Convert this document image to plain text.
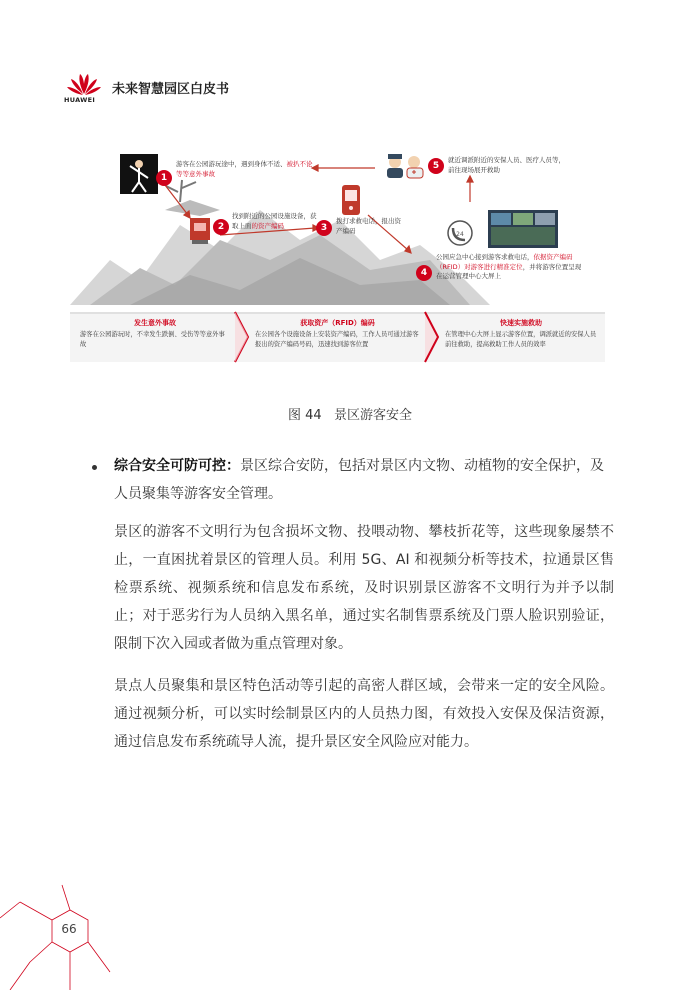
HUAWEI
未来智慧园区白皮书
24
1
游客在公园游玩途中，遇到身体不适、被扒不论等等意外事故
2
找到附近的公园设施设备，获取上面的资产编码	3
拨打求救电话，报出资产编码
4
公园应急中心接到游客求救电话，依据资产编码（RFID）对游客进行精准定位，并将游客位置呈现在运营管理中心大屏上
5
就近调派附近的安保人员、医疗人员等，前往现场展开救助
发生意外事故
游客在公园游玩时，不幸发生跌倒、受伤等等意外事故
获取资产（RFID）编码
在公园各个设施设备上安装资产编码，工作人员可通过游客报出的资产编码号码，迅速找到游客位置
快速实施救助
在管理中心大屏上显示游客位置，调派就近的安保人员前往救助，提高救助工作人员的效率
图 44 景区游客安全
综合安全可防可控：景区综合安防，包括对景区内文物、动植物的安全保护，及人员聚集等游客安全管理。
景区的游客不文明行为包含损坏文物、投喂动物、攀枝折花等，这些现象屡禁不止，一直困扰着景区的管理人员。利用 5G、AI 和视频分析等技术，拉通景区售检票系统、视频系统和信息发布系统，及时识别景区游客不文明行为并予以制止；对于恶劣行为人员纳入黑名单，通过实名制售票系统及门票人脸识别验证，限制下次入园或者做为重点管理对象。
景点人员聚集和景区特色活动等引起的高密人群区域，会带来一定的安全风险。通过视频分析，可以实时绘制景区内的人员热力图，有效投入安保及保洁资源，通过信息发布系统疏导人流，提升景区安全风险应对能力。
66
